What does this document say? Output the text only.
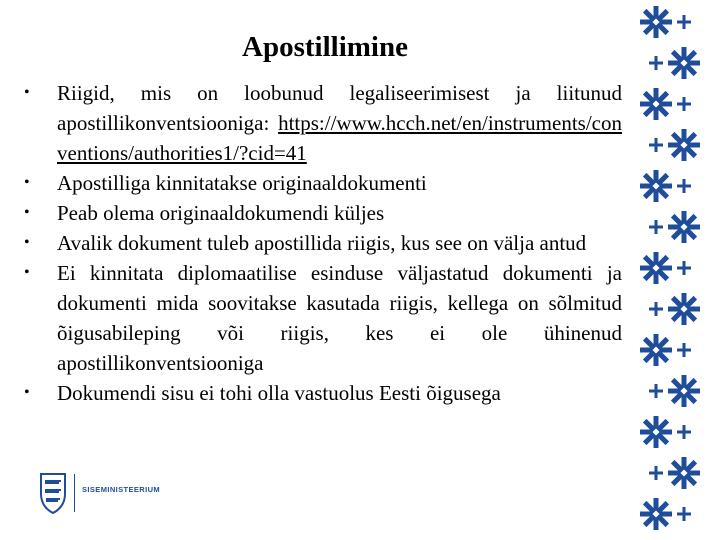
Apostillimine
• Riigid, mis on loobunud legaliseerimisest ja liitunud apostillikonventsiooniga: https://www.hcch.net/en/instruments/conventions/authorities1/?cid=41
• Apostilliga kinnitatakse originaaldokumenti
• Peab olema originaaldokumendi küljes
• Avalik dokument tuleb apostillida riigis, kus see on välja antud
• Ei kinnitata diplomaatilise esinduse väljastatud dokumenti ja dokumenti mida soovitakse kasutada riigis, kellega on sõlmitud õigusabileping või riigis, kes ei ole ühinenud apostillikonventsiooniga
• Dokumendi sisu ei tohi olla vastuolus Eesti õigusega
SISEMINISTEERIUM
